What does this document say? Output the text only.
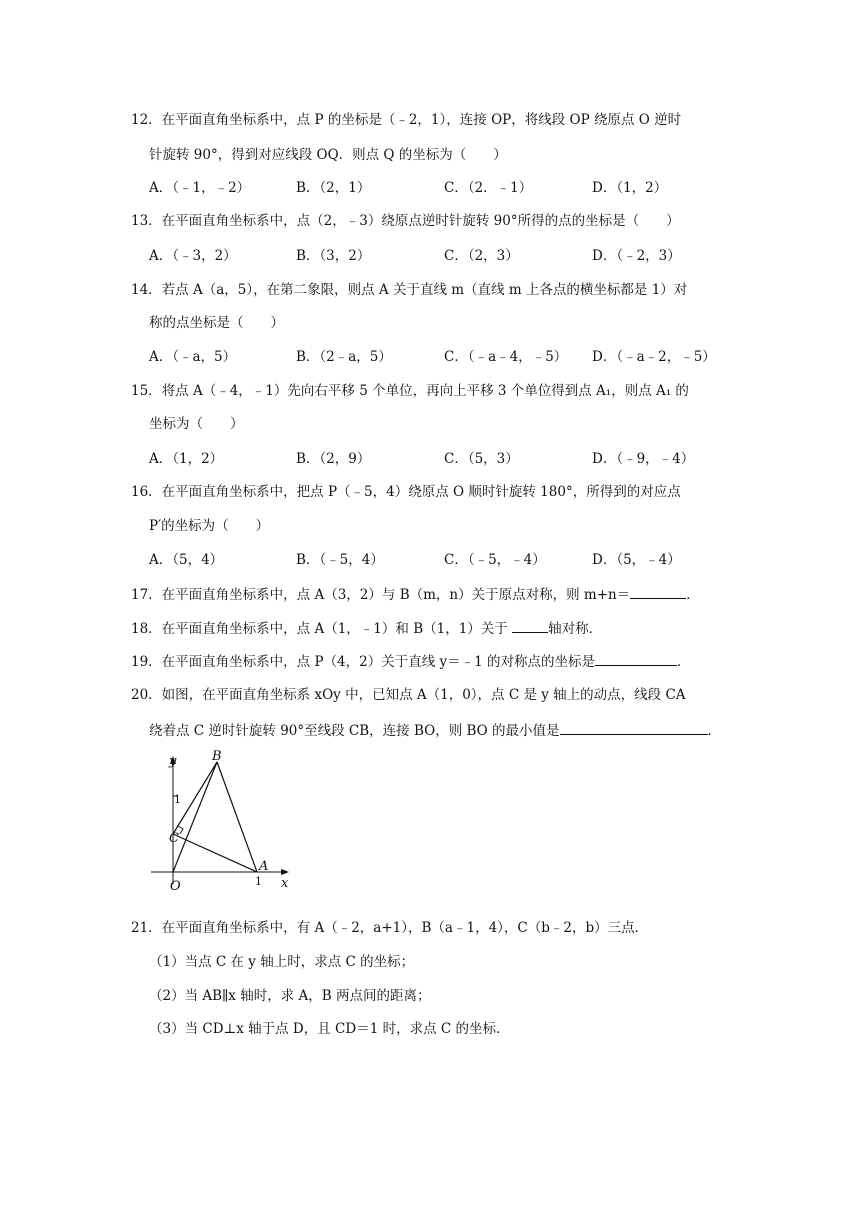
12．在平面直角坐标系中，点 P 的坐标是（﹣2，1），连接 OP，将线段 OP 绕原点 O 逆时
针旋转 90°，得到对应线段 OQ．则点 Q 的坐标为（　　）
A．（﹣1，﹣2）	B．（2，1）	C．（2．﹣1）	D．（1，2）
13．在平面直角坐标系中，点（2，﹣3）绕原点逆时针旋转 90°所得的点的坐标是（　　）
A．（﹣3，2）	B．（3，2）	C．（2，3）	D．（﹣2，3）
14．若点 A（a，5），在第二象限，则点 A 关于直线 m（直线 m 上各点的横坐标都是 1）对
称的点坐标是（　　）
A．（﹣a，5）	B．（2﹣a，5）	C．（﹣a﹣4，﹣5） D．（﹣a﹣2，﹣5）
15．将点 A（﹣4，﹣1）先向右平移 5 个单位，再向上平移 3 个单位得到点 A₁，则点 A₁ 的
坐标为（　　）
A．（1，2）	B．（2，9）	C．（5，3）	D．（﹣9，﹣4）
16．在平面直角坐标系中，把点 P（﹣5，4）绕原点 O 顺时针旋转 180°，所得到的对应点
P′的坐标为（　　）
A．（5，4）	B．（﹣5，4）	C．（﹣5，﹣4）	D．（5，﹣4）
17．在平面直角坐标系中，点 A（3，2）与 B（m，n）关于原点对称，则 m+n＝	．
18．在平面直角坐标系中，点 A（1，﹣1）和 B（1，1）关于	轴对称．
19．在平面直角坐标系中，点 P（4，2）关于直线 y＝﹣1 的对称点的坐标是	．
20．如图，在平面直角坐标系 xOy 中，已知点 A（1，0），点 C 是 y 轴上的动点，线段 CA
绕着点 C 逆时针旋转 90°至线段 CB，连接 BO，则 BO 的最小值是	．
y
x
B
C
O
A
1
1
21．在平面直角坐标系中，有 A（﹣2，a+1），B（a﹣1，4），C（b﹣2，b）三点．
（1）当点 C 在 y 轴上时，求点 C 的坐标；
（2）当 AB∥x 轴时，求 A，B 两点间的距离；
（3）当 CD⊥x 轴于点 D，且 CD＝1 时，求点 C 的坐标．
